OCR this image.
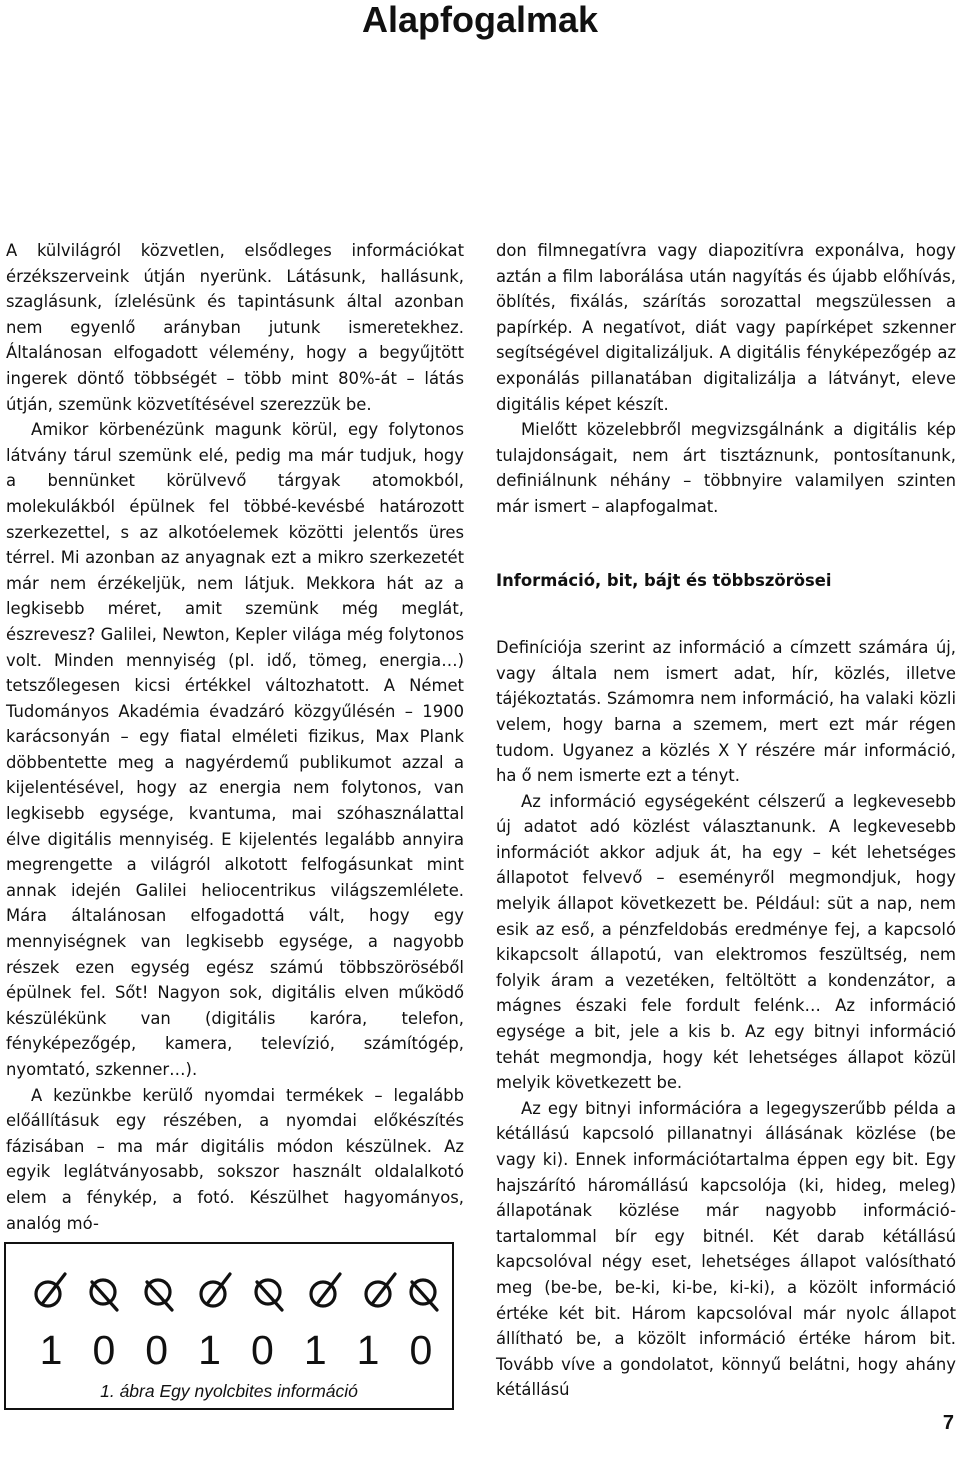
Alapfogalmak

A külvilágról közvetlen, elsődleges információkat érzékszerveink útján nyerünk. Látásunk, hallásunk, szaglásunk, ízlelésünk és tapintásunk által azonban nem egyenlő arányban jutunk ismeretekhez. Általánosan elfogadott vélemény, hogy a begyűjtött ingerek döntő többségét – több mint 80%-át – látás útján, szemünk közvetítésével szerezzük be.

Amikor körbenézünk magunk körül, egy folytonos látvány tárul szemünk elé, pedig ma már tudjuk, hogy a bennünket körülvevő tárgyak atomokból, molekulákból épülnek fel többé-kevésbé határozott szerkezettel, s az alkotóelemek közötti jelentős üres térrel. Mi azonban az anyagnak ezt a mikro szerkezetét már nem érzékeljük, nem látjuk. Mekkora hát az a legkisebb méret, amit szemünk még meglát, észrevesz? Galilei, Newton, Kepler világa még folytonos volt. Minden mennyiség (pl. idő, tömeg, energia…) tetszőlegesen kicsi értékkel változhatott. A Német Tudományos Akadémia évadzáró közgyűlésén – 1900 karácsonyán – egy fiatal elméleti fizikus, Max Plank döbbentette meg a nagyérdemű publikumot azzal a kijelentésével, hogy az energia nem folytonos, van legkisebb egysége, kvantuma, mai szóhasználattal élve digitális mennyiség. E kijelentés legalább annyira megrengette a világról alkotott felfogásunkat mint annak idején Galilei heliocentrikus világszemlélete. Mára általánosan elfogadottá vált, hogy egy mennyiségnek van legkisebb egysége, a nagyobb részek ezen egység egész számú többszöröséből épülnek fel. Sőt! Nagyon sok, digitális elven működő készülékünk van (digitális karóra, telefon, fényképezőgép, kamera, televízió, számítógép, nyomtató, szkenner…).

A kezünkbe kerülő nyomdai termékek – legalább előállításuk egy részében, a nyomdai előkészítés fázisában – ma már digitális módon készülnek. Az egyik leglátványosabb, sokszor használt oldalalkotó elem a fénykép, a fotó. Készülhet hagyományos, analóg mó-

1 0 0 1 0 1 1 0
1. ábra Egy nyolcbites információ

don filmnegatívra vagy diapozitívra exponálva, hogy aztán a film laborálása után nagyítás és újabb előhívás, öblítés, fixálás, szárítás sorozattal megszülessen a papírkép. A negatívot, diát vagy papírképet szkenner segítségével digitalizáljuk. A digitális fényképezőgép az exponálás pillanatában digitalizálja a látványt, eleve digitális képet készít.

Mielőtt közelebbről megvizsgálnánk a digitális kép tulajdonságait, nem árt tisztáznunk, pontosítanunk, definiálnunk néhány – többnyire valamilyen szinten már ismert – alapfogalmat.

Információ, bit, bájt és többszörösei

Definíciója szerint az információ a címzett számára új, vagy általa nem ismert adat, hír, közlés, illetve tájékoztatás. Számomra nem információ, ha valaki közli velem, hogy barna a szemem, mert ezt már régen tudom. Ugyanez a közlés X Y részére már információ, ha ő nem ismerte ezt a tényt.

Az információ egységeként célszerű a legkevesebb új adatot adó közlést választanunk. A legkevesebb információt akkor adjuk át, ha egy – két lehetséges állapotot felvevő – eseményről megmondjuk, hogy melyik állapot következett be. Például: süt a nap, nem esik az eső, a pénzfeldobás eredménye fej, a kapcsoló kikapcsolt állapotú, van elektromos feszültség, nem folyik áram a vezetéken, feltöltött a kondenzátor, a mágnes északi fele fordult felénk… Az információ egysége a bit, jele a kis b. Az egy bitnyi információ tehát megmondja, hogy két lehetséges állapot közül melyik következett be.

Az egy bitnyi információra a legegyszerűbb példa a kétállású kapcsoló pillanatnyi állásának közlése (be vagy ki). Ennek információtartalma éppen egy bit. Egy hajszárító háromállású kapcsolója (ki, hideg, meleg) állapotának közlése már nagyobb információ-tartalommal bír egy bitnél. Két darab kétállású kapcsolóval négy eset, lehetséges állapot valósítható meg (be-be, be-ki, ki-be, ki-ki), a közölt információ értéke két bit. Három kapcsolóval már nyolc állapot állítható be, a közölt információ értéke három bit. Tovább víve a gondolatot, könnyű belátni, hogy ahány kétállású

7
